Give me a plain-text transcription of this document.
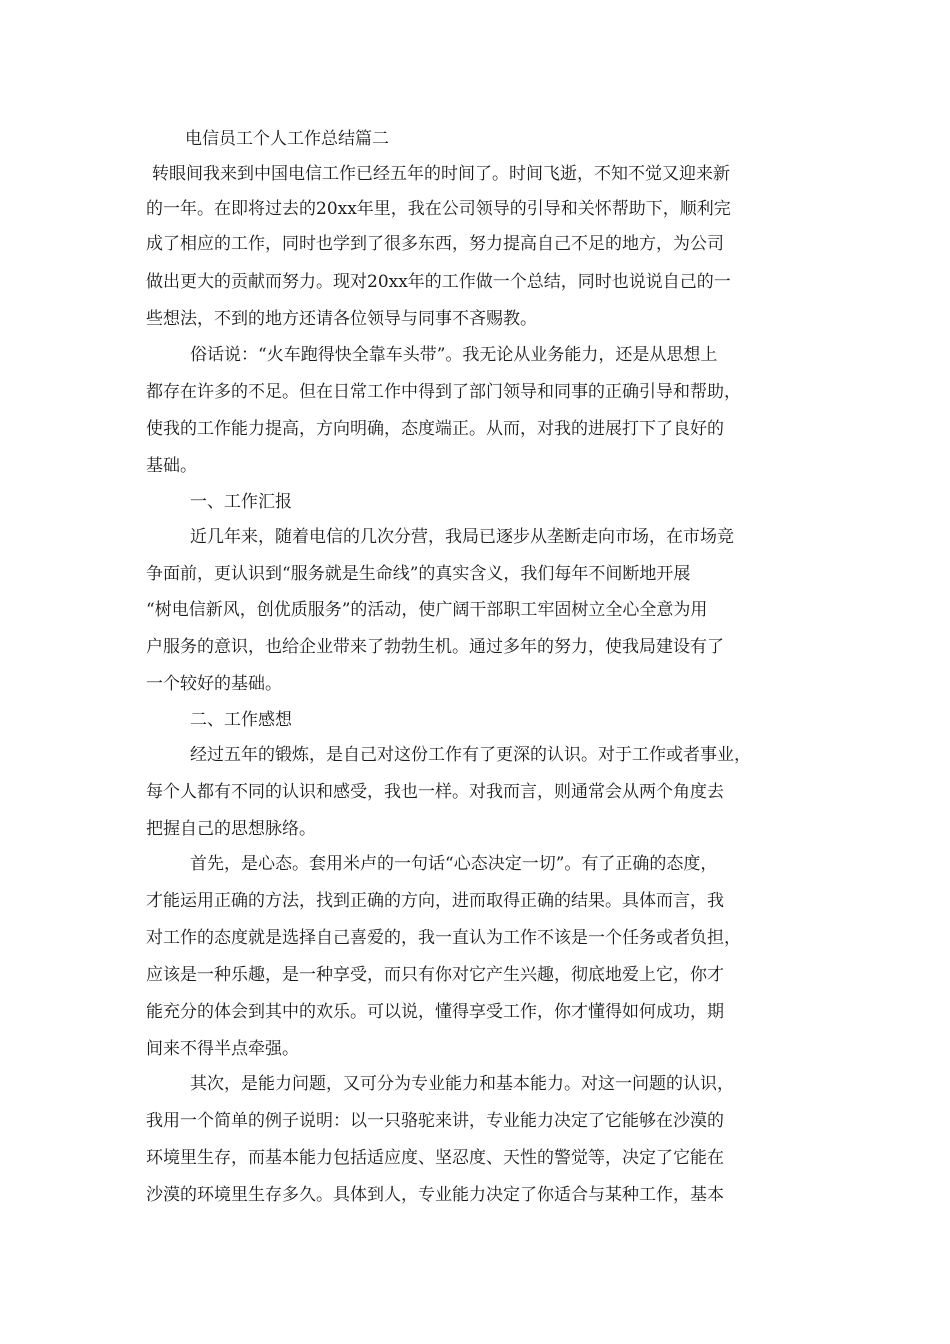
电信员工个人工作总结篇二
转眼间我来到中国电信工作已经五年的时间了。时间飞逝，不知不觉又迎来新
的一年。在即将过去的20xx年里，我在公司领导的引导和关怀帮助下，顺利完
成了相应的工作，同时也学到了很多东西，努力提高自己不足的地方，为公司
做出更大的贡献而努力。现对20xx年的工作做一个总结，同时也说说自己的一
些想法，不到的地方还请各位领导与同事不吝赐教。
俗话说：“火车跑得快全靠车头带”。我无论从业务能力，还是从思想上
都存在许多的不足。但在日常工作中得到了部门领导和同事的正确引导和帮助，
使我的工作能力提高，方向明确，态度端正。从而，对我的进展打下了良好的
基础。
一、工作汇报
近几年来，随着电信的几次分营，我局已逐步从垄断走向市场，在市场竞
争面前，更认识到“服务就是生命线”的真实含义，我们每年不间断地开展
“树电信新风，创优质服务”的活动，使广阔干部职工牢固树立全心全意为用
户服务的意识，也给企业带来了勃勃生机。通过多年的努力，使我局建设有了
一个较好的基础。
二、工作感想
经过五年的锻炼，是自己对这份工作有了更深的认识。对于工作或者事业，
每个人都有不同的认识和感受，我也一样。对我而言，则通常会从两个角度去
把握自己的思想脉络。
首先，是心态。套用米卢的一句话“心态决定一切”。有了正确的态度，
才能运用正确的方法，找到正确的方向，进而取得正确的结果。具体而言，我
对工作的态度就是选择自己喜爱的，我一直认为工作不该是一个任务或者负担，
应该是一种乐趣，是一种享受，而只有你对它产生兴趣，彻底地爱上它，你才
能充分的体会到其中的欢乐。可以说，懂得享受工作，你才懂得如何成功，期
间来不得半点牵强。
其次，是能力问题，又可分为专业能力和基本能力。对这一问题的认识，
我用一个简单的例子说明：以一只骆驼来讲，专业能力决定了它能够在沙漠的
环境里生存，而基本能力包括适应度、坚忍度、天性的警觉等，决定了它能在
沙漠的环境里生存多久。具体到人，专业能力决定了你适合与某种工作，基本
